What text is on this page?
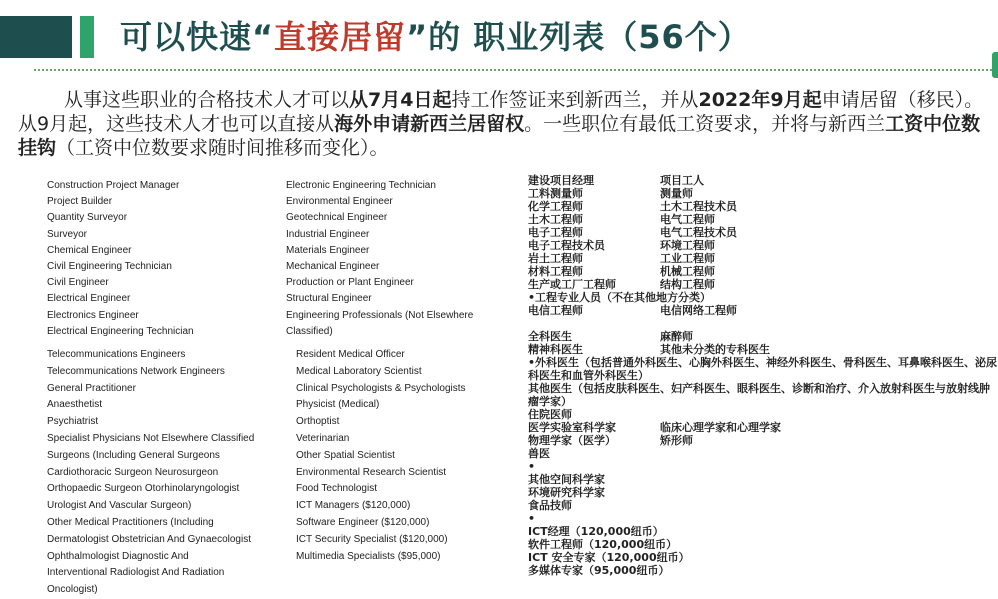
可以快速“直接居留”的 职业列表（56个）
从事这些职业的合格技术人才可以从7月4日起持工作签证来到新西兰，并从2022年9月起申请居留（移民）。从9月起，这些技术人才也可以直接从海外申请新西兰居留权。一些职位有最低工资要求，并将与新西兰工资中位数挂钩（工资中位数要求随时间推移而变化）。
Construction Project Manager
Project Builder
Quantity Surveyor
Surveyor
Chemical Engineer
Civil Engineering Technician
Civil Engineer
Electrical Engineer
Electronics Engineer
Electrical Engineering Technician
Electronic Engineering Technician
Environmental Engineer
Geotechnical Engineer
Industrial Engineer
Materials Engineer
Mechanical Engineer
Production or Plant Engineer
Structural Engineer
Engineering Professionals (Not Elsewhere Classified)
Telecommunications Engineers
Telecommunications Network Engineers
General Practitioner
Anaesthetist
Psychiatrist
Specialist Physicians Not Elsewhere Classified
Surgeons (Including General Surgeons
Cardiothoracic Surgeon Neurosurgeon
Orthopaedic Surgeon Otorhinolaryngologist
Urologist And Vascular Surgeon)
Other Medical Practitioners (Including
Dermatologist Obstetrician And Gynaecologist
Ophthalmologist Diagnostic And
Interventional Radiologist And Radiation
Oncologist)
Resident Medical Officer
Medical Laboratory Scientist
Clinical Psychologists & Psychologists
Physicist (Medical)
Orthoptist
Veterinarian
Other Spatial Scientist
Environmental Research Scientist
Food Technologist
ICT Managers ($120,000)
Software Engineer ($120,000)
ICT Security Specialist ($120,000)
Multimedia Specialists ($95,000)
建设项目经理	项目工人
工料测量师	测量师
化学工程师	土木工程技术员
土木工程师	电气工程师
电子工程师	电气工程技术员
电子工程技术员	环境工程师
岩土工程师	工业工程师
材料工程师	机械工程师
生产或工厂工程师	结构工程师
•工程专业人员（不在其他地方分类）
电信工程师	电信网络工程师
全科医生	麻醉师
精神科医生	其他未分类的专科医生
•外科医生（包括普通外科医生、心胸外科医生、神经外科医生、骨科医生、耳鼻喉科医生、泌尿科医生和血管外科医生）
其他医生（包括皮肤科医生、妇产科医生、眼科医生、诊断和治疗、介入放射科医生与放射线肿瘤学家）
住院医师
医学实验室科学家	临床心理学家和心理学家
物理学家（医学）	矫形师
兽医
•
其他空间科学家
环境研究科学家
食品技师
•
ICT经理（120,000纽币）
软件工程师（120,000纽币）
ICT 安全专家（120,000纽币）
多媒体专家（95,000纽币）
